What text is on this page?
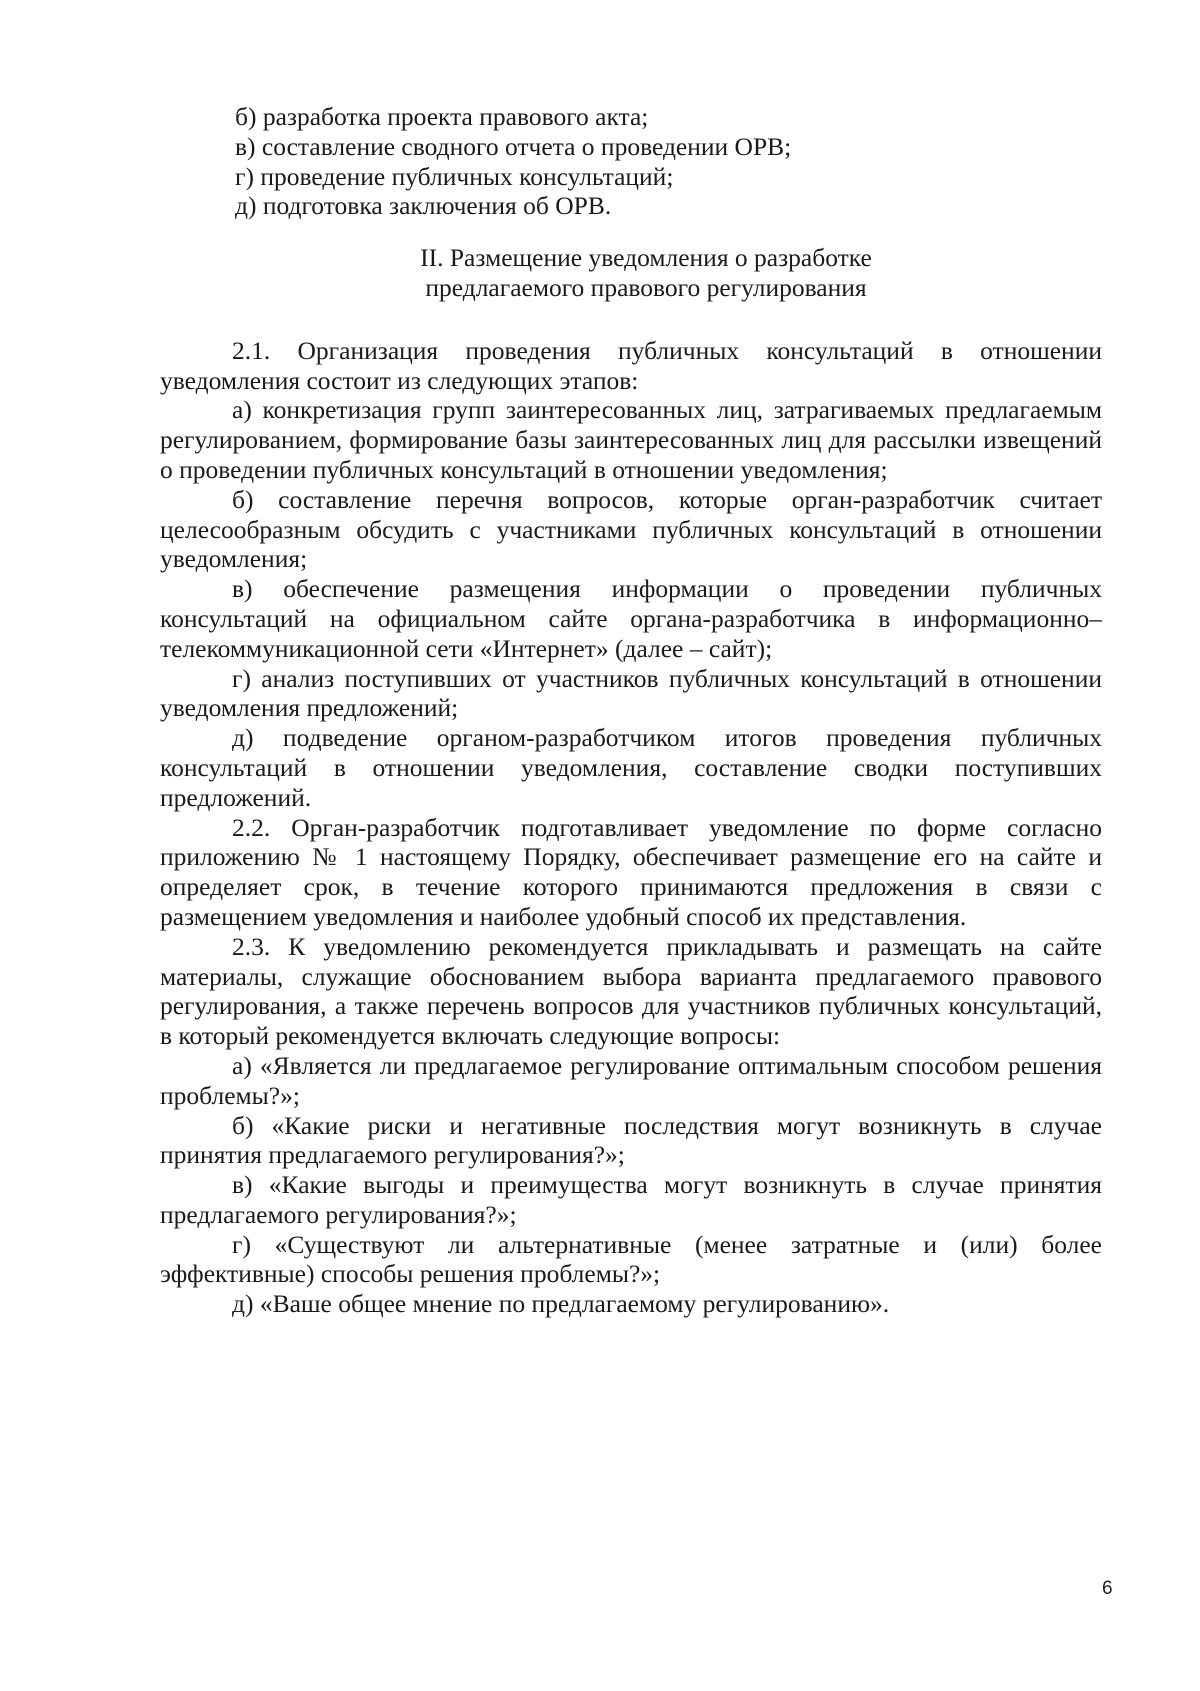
б) разработка проекта правового акта;

в) составление сводного отчета о проведении ОРВ;

г) проведение публичных консультаций;

д) подготовка заключения об ОРВ.

II. Размещение уведомления о разработке

предлагаемого правового регулирования

2.1. Организация проведения публичных консультаций в отношении уведомления состоит из следующих этапов:

а) конкретизация групп заинтересованных лиц, затрагиваемых предлагаемым регулированием, формирование базы заинтересованных лиц для рассылки извещений о проведении публичных консультаций в отношении уведомления;

б) составление перечня вопросов, которые орган-разработчик считает целесообразным обсудить с участниками публичных консультаций в отношении уведомления;

в) обеспечение размещения информации о проведении публичных консультаций на официальном сайте органа-разработчика в информационно–телекоммуникационной сети «Интернет» (далее – сайт);

г) анализ поступивших от участников публичных консультаций в отношении уведомления предложений;

д) подведение органом-разработчиком итогов проведения публичных консультаций в отношении уведомления, составление сводки поступивших предложений.

2.2. Орган-разработчик подготавливает уведомление по форме согласно приложению № 1 настоящему Порядку, обеспечивает размещение его на сайте и определяет срок, в течение которого принимаются предложения в связи с размещением уведомления и наиболее удобный способ их представления.

2.3. К уведомлению рекомендуется прикладывать и размещать на сайте материалы, служащие обоснованием выбора варианта предлагаемого правового регулирования, а также перечень вопросов для участников публичных консультаций, в который рекомендуется включать следующие вопросы:

а) «Является ли предлагаемое регулирование оптимальным способом решения проблемы?»;

б) «Какие риски и негативные последствия могут возникнуть в случае принятия предлагаемого регулирования?»;

в) «Какие выгоды и преимущества могут возникнуть в случае принятия предлагаемого регулирования?»;

г) «Существуют ли альтернативные (менее затратные и (или) более эффективные) способы решения проблемы?»;

д) «Ваше общее мнение по предлагаемому регулированию».

6
